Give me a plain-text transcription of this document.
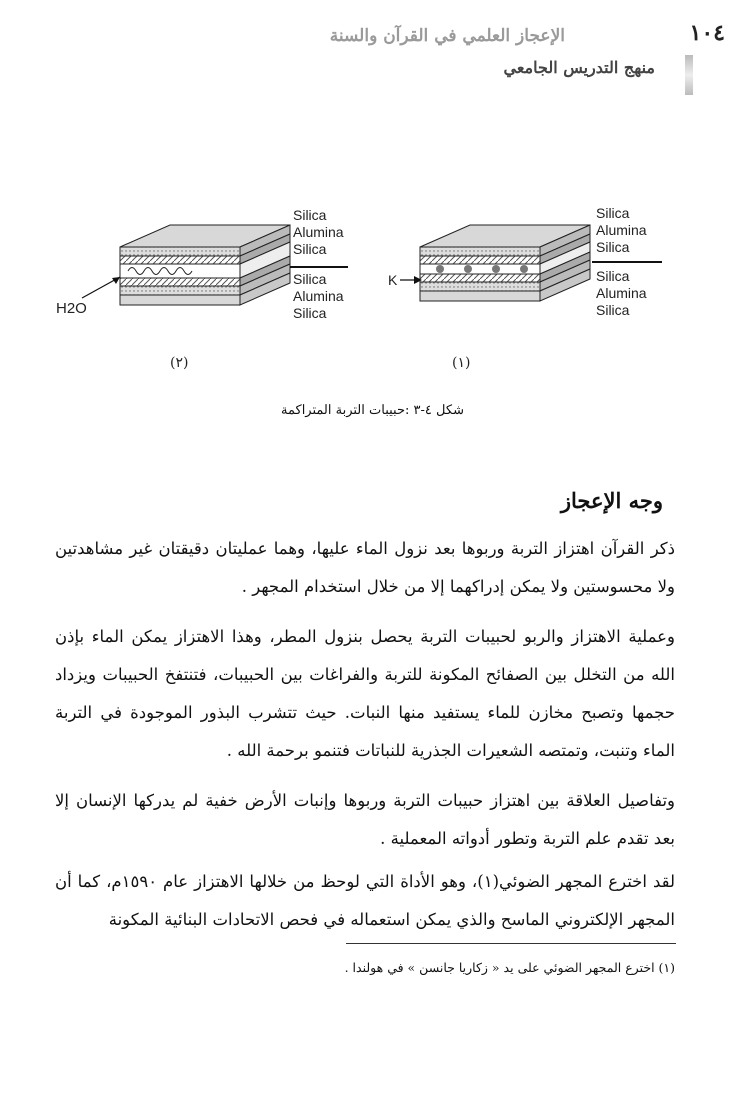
١٠٤
الإعجاز العلمي في القرآن والسنة
منهج التدريس الجامعي
Silica
Alumina
Silica
Silica
Alumina
Silica
H2O
Silica
Alumina
Silica
Silica
Alumina
Silica
K
(٢)	(١)
شكل ٤-٣ :حبيبات التربة المتراكمة
وجه الإعجاز
ذكر القرآن اهتزاز التربة وربوها بعد نزول الماء عليها، وهما عمليتان دقيقتان غير مشاهدتين ولا محسوستين ولا يمكن إدراكهما إلا من خلال استخدام المجهر .
وعملية الاهتزاز والربو لحبيبات التربة يحصل بنزول المطر، وهذا الاهتزاز يمكن الماء بإذن الله من التخلل بين الصفائح المكونة للتربة والفراغات بين الحبيبات، فتنتفخ الحبيبات ويزداد حجمها وتصبح مخازن للماء يستفيد منها النبات. حيث تتشرب البذور الموجودة في التربة الماء وتنبت، وتمتصه الشعيرات الجذرية للنباتات فتنمو برحمة الله .
وتفاصيل العلاقة بين اهتزاز حبيبات التربة وربوها وإنبات الأرض خفية لم يدركها الإنسان إلا بعد تقدم علم التربة وتطور أدواته المعملية .
لقد اخترع المجهر الضوئي(١)، وهو الأداة التي لوحظ من خلالها الاهتزاز عام ١٥٩٠م، كما أن المجهر الإلكتروني الماسح والذي يمكن استعماله في فحص الاتحادات البنائية المكونة
(١) اخترع المجهر الضوئي على يد « زكاريا جانسن » في هولندا .
